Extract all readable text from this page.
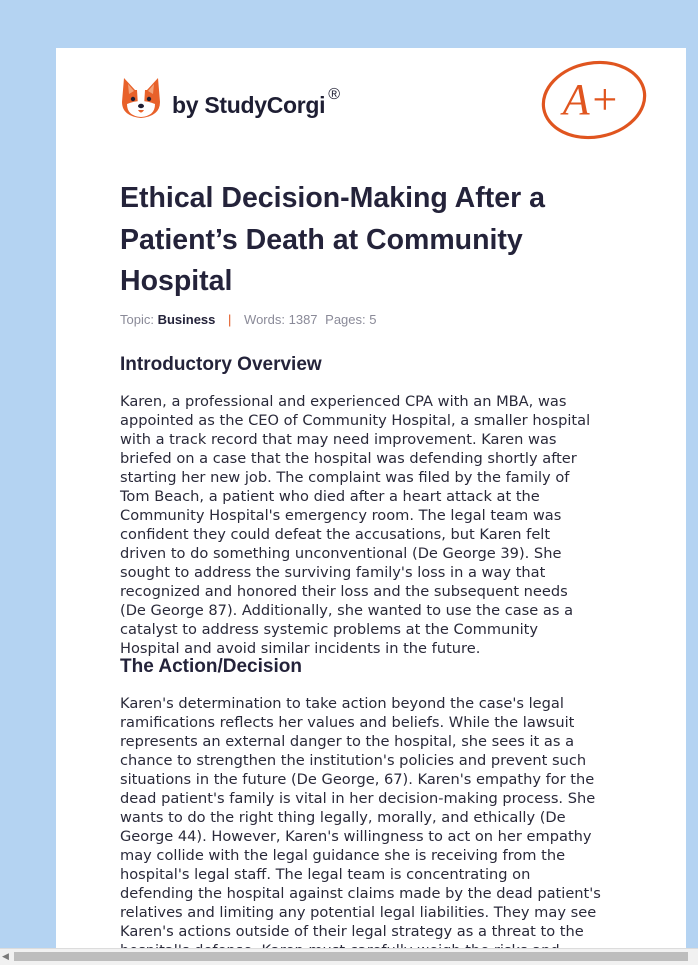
by StudyCorgi ®	A+
Ethical Decision-Making After a Patient’s Death at Community Hospital
Topic: Business | Words: 1387 Pages: 5
Introductory Overview

Karen, a professional and experienced CPA with an MBA, was
appointed as the CEO of Community Hospital, a smaller hospital
with a track record that may need improvement. Karen was
briefed on a case that the hospital was defending shortly after
starting her new job. The complaint was filed by the family of
Tom Beach, a patient who died after a heart attack at the
Community Hospital's emergency room. The legal team was
confident they could defeat the accusations, but Karen felt
driven to do something unconventional (De George 39). She
sought to address the surviving family's loss in a way that
recognized and honored their loss and the subsequent needs
(De George 87). Additionally, she wanted to use the case as a
catalyst to address systemic problems at the Community
Hospital and avoid similar incidents in the future.

The Action/Decision

Karen's determination to take action beyond the case's legal
ramifications reflects her values and beliefs. While the lawsuit
represents an external danger to the hospital, she sees it as a
chance to strengthen the institution's policies and prevent such
situations in the future (De George, 67). Karen's empathy for the
dead patient's family is vital in her decision-making process. She
wants to do the right thing legally, morally, and ethically (De
George 44). However, Karen's willingness to act on her empathy
may collide with the legal guidance she is receiving from the
hospital's legal staff. The legal team is concentrating on
defending the hospital against claims made by the dead patient's
relatives and limiting any potential legal liabilities. They may see
Karen's actions outside of their legal strategy as a threat to the

◀
